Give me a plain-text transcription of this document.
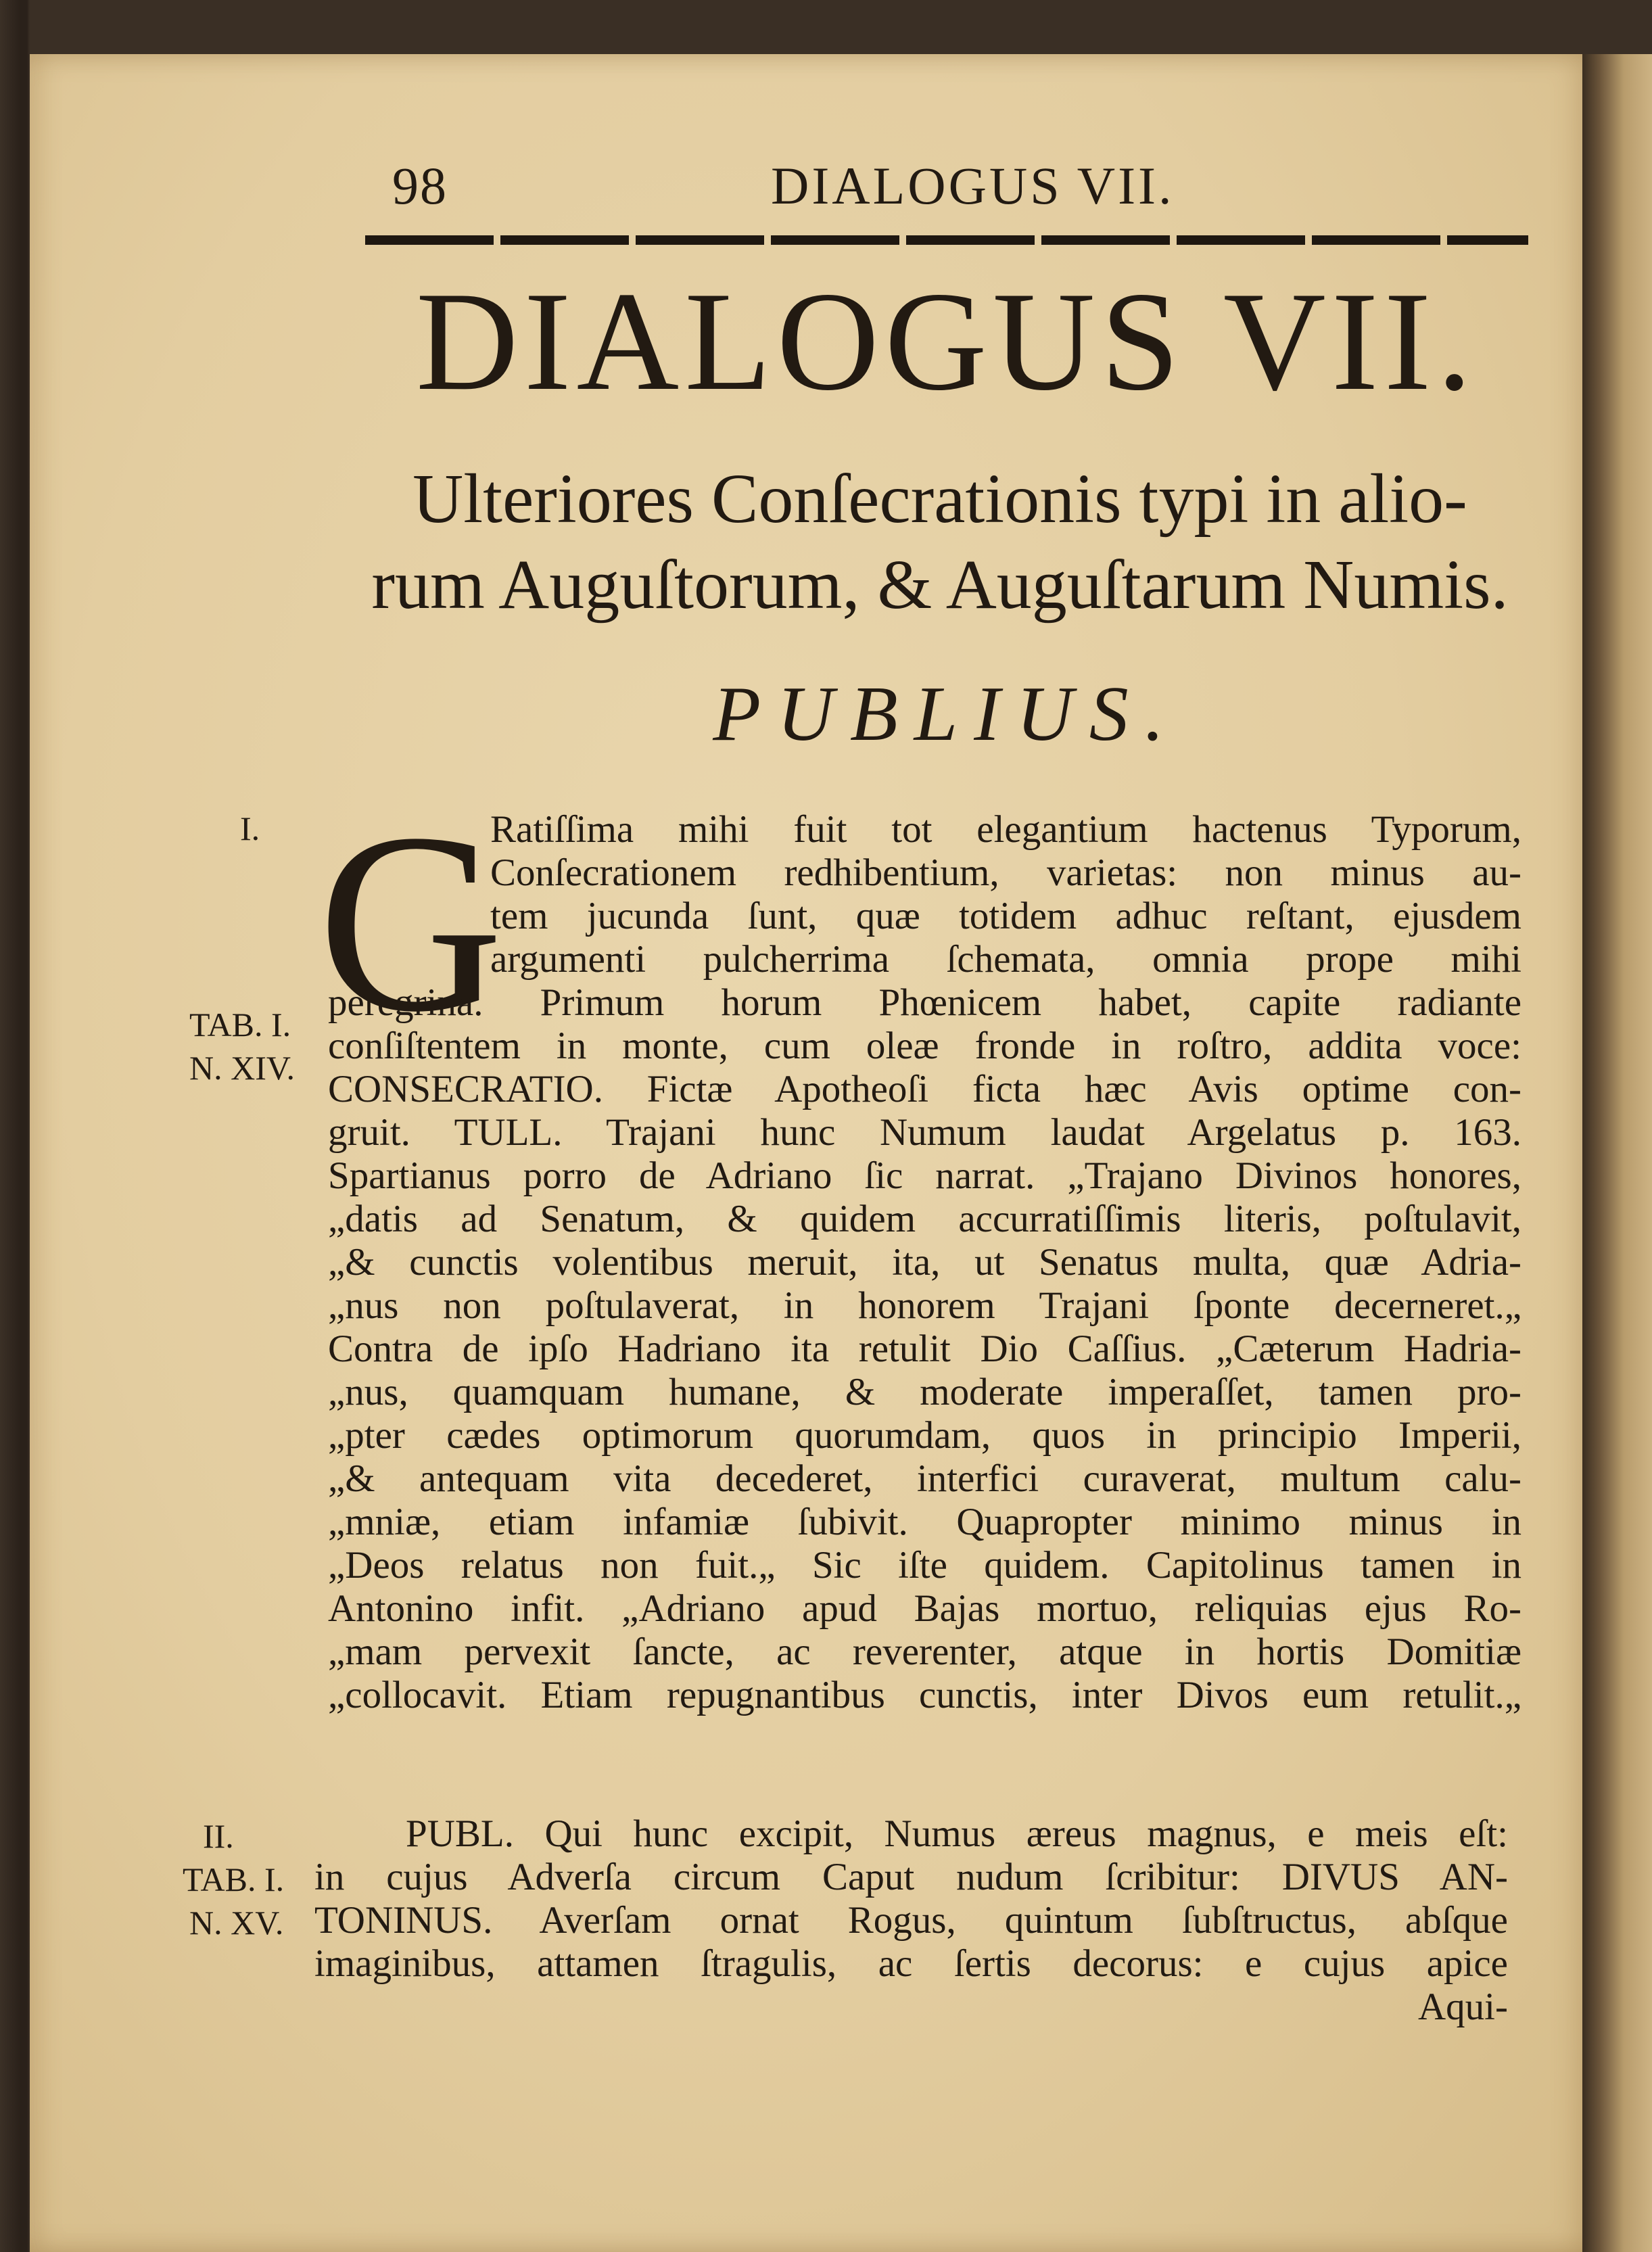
98	DIALOGUS VII.
DIALOGUS VII.
Ulteriores Conſecrationis typi in alio-
rum Auguſtorum, & Auguſtarum Numis.
PUBLIUS.
I.
TAB. I.
N. XIV.
II.
TAB. I.
N. XV.
G
Ratiſſima mihi fuit tot elegantium hactenus Typorum,
Conſecrationem redhibentium, varietas: non minus au-
tem jucunda ſunt, quæ totidem adhuc reſtant, ejusdem
argumenti pulcherrima ſchemata, omnia prope mihi
peregrina. Primum horum Phœnicem habet, capite radiante
conſiſtentem in monte, cum oleæ fronde in roſtro, addita voce:
CONSECRATIO. Fictæ Apotheoſi ficta hæc Avis optime con-
gruit. TULL. Trajani hunc Numum laudat Argelatus p. 163.
Spartianus porro de Adriano ſic narrat. „Trajano Divinos honores,
„datis ad Senatum, & quidem accurratiſſimis literis, poſtulavit,
„& cunctis volentibus meruit, ita, ut Senatus multa, quæ Adria-
„nus non poſtulaverat, in honorem Trajani ſponte decerneret.„
Contra de ipſo Hadriano ita retulit Dio Caſſius. „Cæterum Hadria-
„nus, quamquam humane, & moderate imperaſſet, tamen pro-
„pter cædes optimorum quorumdam, quos in principio Imperii,
„& antequam vita decederet, interfici curaverat, multum calu-
„mniæ, etiam infamiæ ſubivit. Quapropter minimo minus in
„Deos relatus non fuit.„ Sic iſte quidem. Capitolinus tamen in
Antonino infit. „Adriano apud Bajas mortuo, reliquias ejus Ro-
„mam pervexit ſancte, ac reverenter, atque in hortis Domitiæ
„collocavit. Etiam repugnantibus cunctis, inter Divos eum retulit.„
PUBL. Qui hunc excipit, Numus æreus magnus, e meis eſt:
in cujus Adverſa circum Caput nudum ſcribitur: DIVUS AN-
TONINUS. Averſam ornat Rogus, quintum ſubſtructus, abſque
imaginibus, attamen ſtragulis, ac ſertis decorus: e cujus apice
Aqui-
